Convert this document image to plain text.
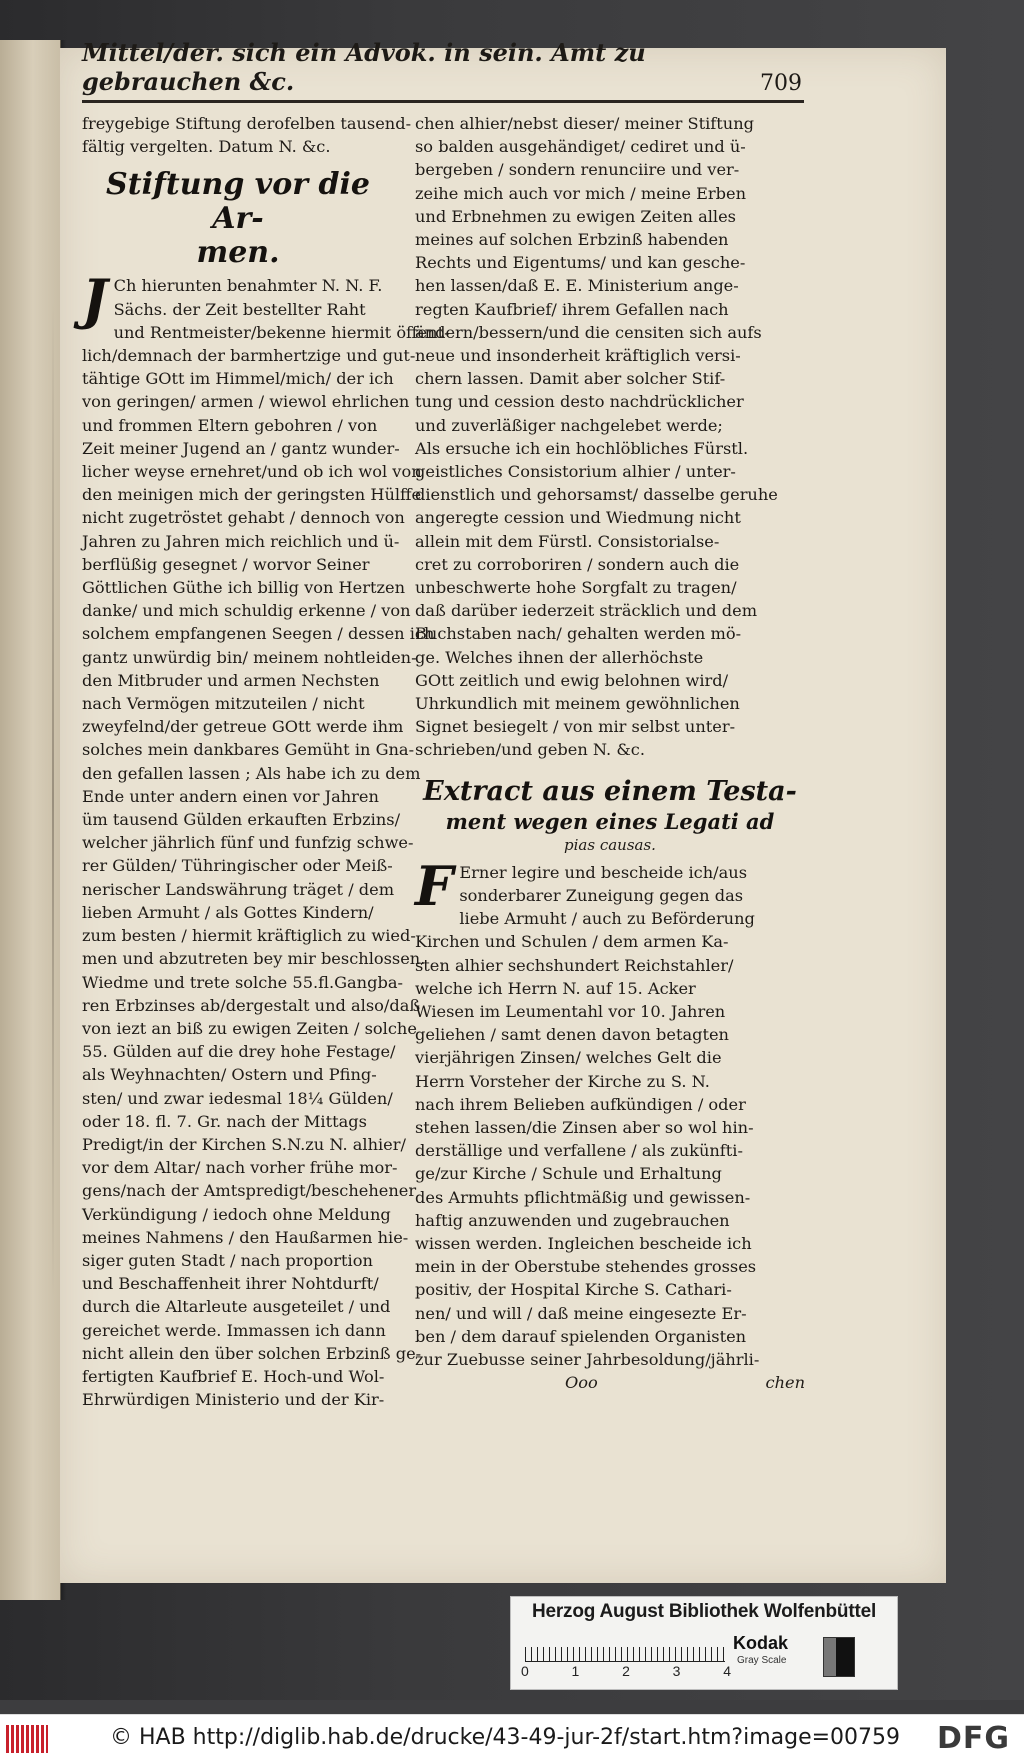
Mittel/der. sich ein Advok. in sein. Amt zu gebrauchen &c.	709
freygebige Stiftung derofelben tausend-
fältig vergelten. Datum N. &c.
Stiftung vor die Ar-
men.
J Ch hierunten benahmter N. N. F.
Sächs. der Zeit bestellter Raht
und Rentmeister/bekenne hiermit öffent-
lich/demnach der barmhertzige und gut-
tähtige GOtt im Himmel/mich/ der ich
von geringen/ armen / wiewol ehrlichen
und frommen Eltern gebohren / von
Zeit meiner Jugend an / gantz wunder-
licher weyse ernehret/und ob ich wol von
den meinigen mich der geringsten Hülffe
nicht zugetröstet gehabt / dennoch von
Jahren zu Jahren mich reichlich und ü-
berflüßig gesegnet / worvor Seiner
Göttlichen Güthe ich billig von Hertzen
danke/ und mich schuldig erkenne / von
solchem empfangenen Seegen / dessen ich
gantz unwürdig bin/ meinem nohtleiden-
den Mitbruder und armen Nechsten
nach Vermögen mitzuteilen / nicht
zweyfelnd/der getreue GOtt werde ihm
solches mein dankbares Gemüht in Gna-
den gefallen lassen ; Als habe ich zu dem
Ende unter andern einen vor Jahren
üm tausend Gülden erkauften Erbzins/
welcher jährlich fünf und funfzig schwe-
rer Gülden/ Tühringischer oder Meiß-
nerischer Landswährung träget / dem
lieben Armuht / als Gottes Kindern/
zum besten / hiermit kräftiglich zu wied-
men und abzutreten bey mir beschlossen.
Wiedme und trete solche 55.fl.Gangba-
ren Erbzinses ab/dergestalt und also/daß
von iezt an biß zu ewigen Zeiten / solche
55. Gülden auf die drey hohe Festage/
als Weyhnachten/ Ostern und Pfing-
sten/ und zwar iedesmal 18¼ Gülden/
oder 18. fl. 7. Gr. nach der Mittags
Predigt/in der Kirchen S.N.zu N. alhier/
vor dem Altar/ nach vorher frühe mor-
gens/nach der Amtspredigt/beschehener
Verkündigung / iedoch ohne Meldung
meines Nahmens / den Haußarmen hie-
siger guten Stadt / nach proportion
und Beschaffenheit ihrer Nohtdurft/
durch die Altarleute ausgeteilet / und
gereichet werde. Immassen ich dann
nicht allein den über solchen Erbzinß ge-
fertigten Kaufbrief E. Hoch-und Wol-
Ehrwürdigen Ministerio und der Kir-
chen alhier/nebst dieser/ meiner Stiftung
so balden ausgehändiget/ cediret und ü-
bergeben / sondern renunciire und ver-
zeihe mich auch vor mich / meine Erben
und Erbnehmen zu ewigen Zeiten alles
meines auf solchen Erbzinß habenden
Rechts und Eigentums/ und kan gesche-
hen lassen/daß E. E. Ministerium ange-
regten Kaufbrief/ ihrem Gefallen nach
ändern/bessern/und die censiten sich aufs
neue und insonderheit kräftiglich versi-
chern lassen. Damit aber solcher Stif-
tung und cession desto nachdrücklicher
und zuverläßiger nachgelebet werde;
Als ersuche ich ein hochlöbliches Fürstl.
geistliches Consistorium alhier / unter-
dienstlich und gehorsamst/ dasselbe geruhe
angeregte cession und Wiedmung nicht
allein mit dem Fürstl. Consistorialse-
cret zu corroboriren / sondern auch die
unbeschwerte hohe Sorgfalt zu tragen/
daß darüber iederzeit sträcklich und dem
Buchstaben nach/ gehalten werden mö-
ge. Welches ihnen der allerhöchste
GOtt zeitlich und ewig belohnen wird/
Uhrkundlich mit meinem gewöhnlichen
Signet besiegelt / von mir selbst unter-
schrieben/und geben N. &c.
Extract aus einem Testa-
ment wegen eines Legati ad
pias causas.
F Erner legire und bescheide ich/aus
sonderbarer Zuneigung gegen das
liebe Armuht / auch zu Beförderung
Kirchen und Schulen / dem armen Ka-
sten alhier sechshundert Reichstahler/
welche ich Herrn N. auf 15. Acker
Wiesen im Leumentahl vor 10. Jahren
geliehen / samt denen davon betagten
vierjährigen Zinsen/ welches Gelt die
Herrn Vorsteher der Kirche zu S. N.
nach ihrem Belieben aufkündigen / oder
stehen lassen/die Zinsen aber so wol hin-
derställige und verfallene / als zukünfti-
ge/zur Kirche / Schule und Erhaltung
des Armuhts pflichtmäßig und gewissen-
haftig anzuwenden und zugebrauchen
wissen werden. Ingleichen bescheide ich
mein in der Oberstube stehendes grosses
positiv, der Hospital Kirche S. Cathari-
nen/ und will / daß meine eingesezte Er-
ben / dem darauf spielenden Organisten
zur Zuebusse seiner Jahrbesoldung/jährli-
Ooo	chen
Herzog August Bibliothek Wolfenbüttel
0	1	2	3	4
Kodak
Gray Scale
© HAB http://diglib.hab.de/drucke/43-49-jur-2f/start.htm?image=00759 DFG
